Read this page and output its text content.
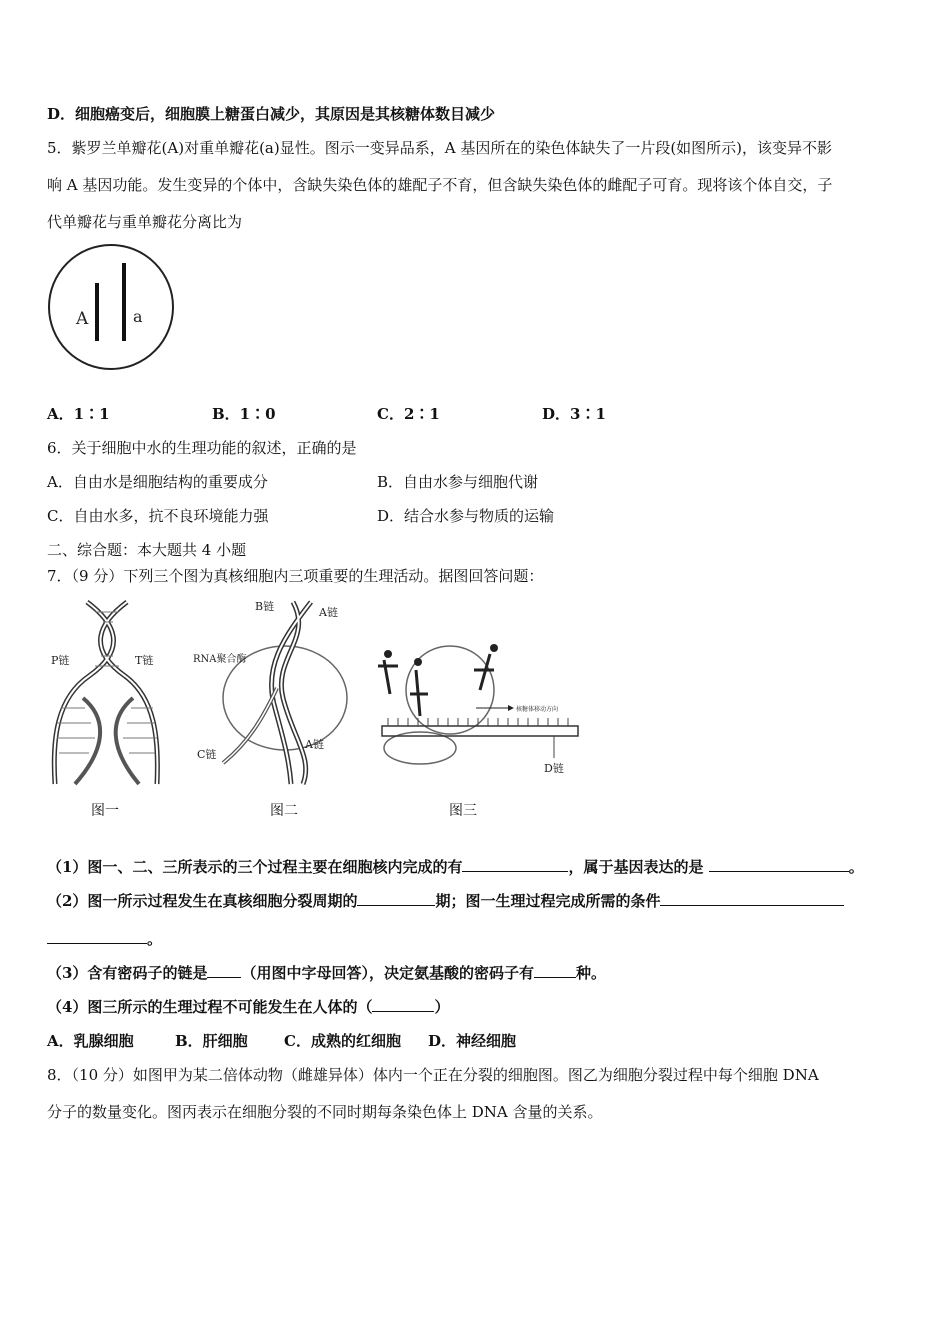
D．细胞癌变后，细胞膜上糖蛋白减少，其原因是其核糖体数目减少
5．紫罗兰单瓣花(A)对重单瓣花(a)显性。图示一变异品系，A 基因所在的染色体缺失了一片段(如图所示)，该变异不影
响 A 基因功能。发生变异的个体中，含缺失染色体的雄配子不育，但含缺失染色体的雌配子可育。现将该个体自交，子
代单瓣花与重单瓣花分离比为
A	a
A．1∶1	B．1∶0	C．2∶1	D．3∶1
6．关于细胞中水的生理功能的叙述，正确的是
A．自由水是细胞结构的重要成分	B．自由水参与细胞代谢
C．自由水多，抗不良环境能力强	D．结合水参与物质的运输
二、综合题：本大题共 4 小题
7．（9 分）下列三个图为真核细胞内三项重要的生理活动。据图回答问题：
P链	T链
图一
B链	A链
RNA聚合酶
C链
A链
图二
核糖体移动方向
D链
图三
（1）图一、二、三所表示的三个过程主要在细胞核内完成的有	，属于基因表达的是	。
（2）图一所示过程发生在真核细胞分裂周期的	期；图一生理过程完成所需的条件
。
（3）含有密码子的链是 （用图中字母回答），决定氨基酸的密码子有	种。
（4）图三所示的生理过程不可能发生在人体的（	）
A．乳腺细胞	B．肝细胞 C．成熟的红细胞 D．神经细胞
8．（10 分）如图甲为某二倍体动物（雌雄异体）体内一个正在分裂的细胞图。图乙为细胞分裂过程中每个细胞 DNA
分子的数量变化。图丙表示在细胞分裂的不同时期每条染色体上 DNA 含量的关系。
